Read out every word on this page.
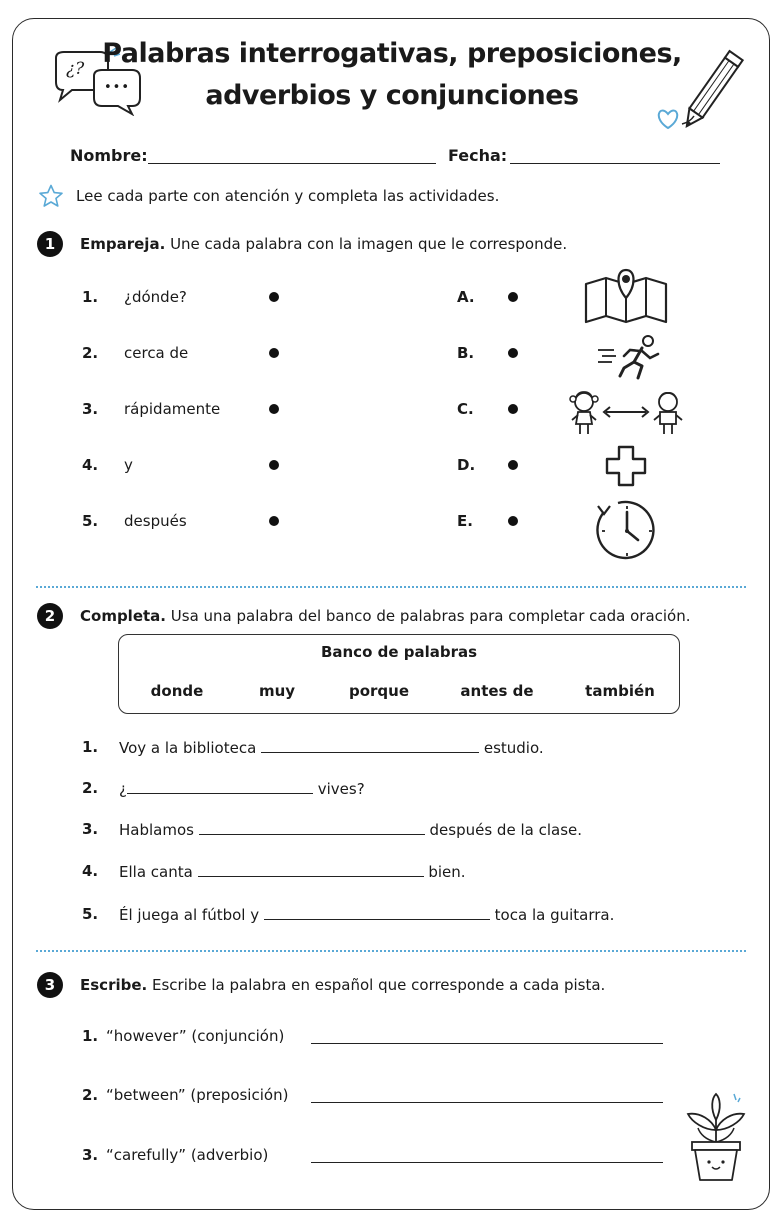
¿?
•••
Palabras interrogativas, preposiciones,
adverbios y conjunciones
Nombre:	Fecha:
Lee cada parte con atención y completa las actividades.
1	Empareja. Une cada palabra con la imagen que le corresponde.
1. ¿dónde?
2. cerca de
3. rápidamente
4. y
5. después
A.
B.
C.
D.
E.
2	Completa. Usa una palabra del banco de palabras para completar cada oración.
Banco de palabras
donde	muy	porque	antes de	también
1. Voy a la biblioteca	estudio.
2. ¿	vives?
3. Hablamos	después de la clase.
4. Ella canta	bien.
5. Él juega al fútbol y	toca la guitarra.
3	Escribe. Escribe la palabra en español que corresponde a cada pista.
1. “however” (conjunción)
2. “between” (preposición)
3. “carefully” (adverbio)
